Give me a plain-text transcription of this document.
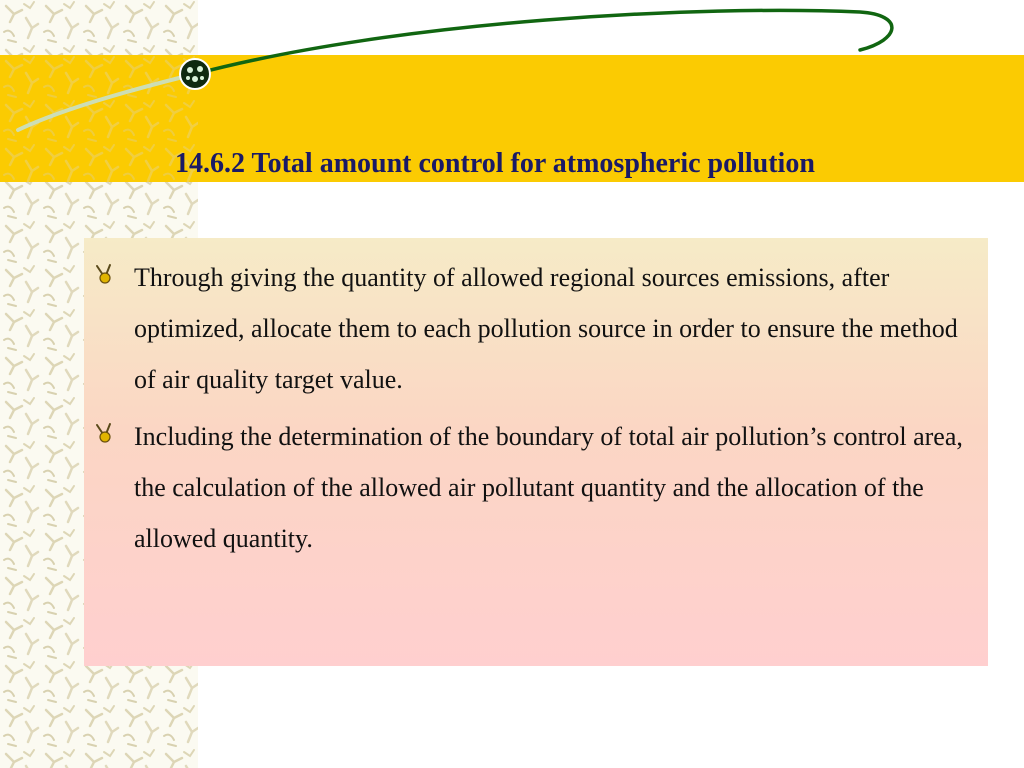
14.6.2 Total amount control for atmospheric pollution
Through giving the quantity of allowed regional sources emissions, after optimized, allocate them to each pollution source in order to ensure the method of air quality target value.
Including the determination of the boundary of total air pollution’s control area, the calculation of the allowed air pollutant quantity and the allocation of the allowed quantity.
